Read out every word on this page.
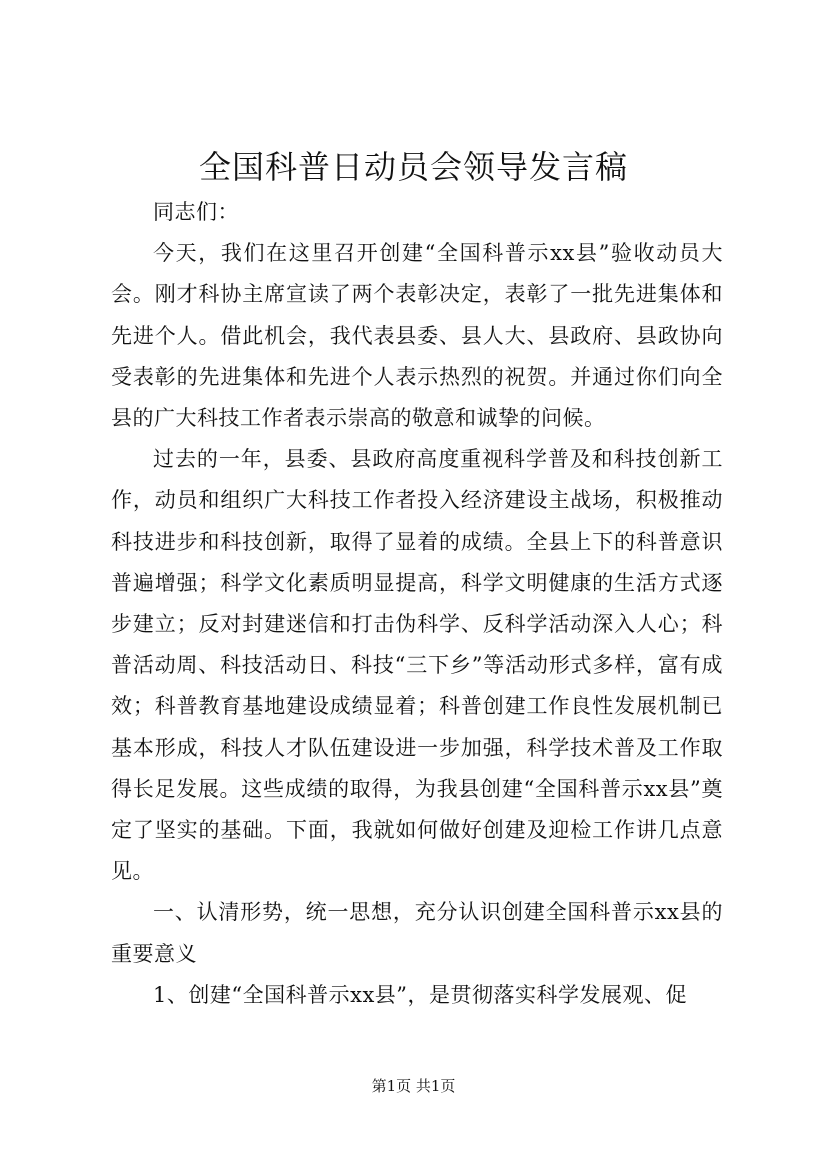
全国科普日动员会领导发言稿

同志们：

今天，我们在这里召开创建“全国科普示xx县”验收动员大会。刚才科协主席宣读了两个表彰决定，表彰了一批先进集体和先进个人。借此机会，我代表县委、县人大、县政府、县政协向受表彰的先进集体和先进个人表示热烈的祝贺。并通过你们向全县的广大科技工作者表示崇高的敬意和诚挚的问候。

过去的一年，县委、县政府高度重视科学普及和科技创新工作，动员和组织广大科技工作者投入经济建设主战场，积极推动科技进步和科技创新，取得了显着的成绩。全县上下的科普意识普遍增强；科学文化素质明显提高，科学文明健康的生活方式逐步建立；反对封建迷信和打击伪科学、反科学活动深入人心；科普活动周、科技活动日、科技“三下乡”等活动形式多样，富有成效；科普教育基地建设成绩显着；科普创建工作良性发展机制已基本形成，科技人才队伍建设进一步加强，科学技术普及工作取得长足发展。这些成绩的取得，为我县创建“全国科普示xx县”奠定了坚实的基础。下面，我就如何做好创建及迎检工作讲几点意见。

一、认清形势，统一思想，充分认识创建全国科普示xx县的重要意义

1、创建“全国科普示xx县”，是贯彻落实科学发展观、促

第1页 共1页
